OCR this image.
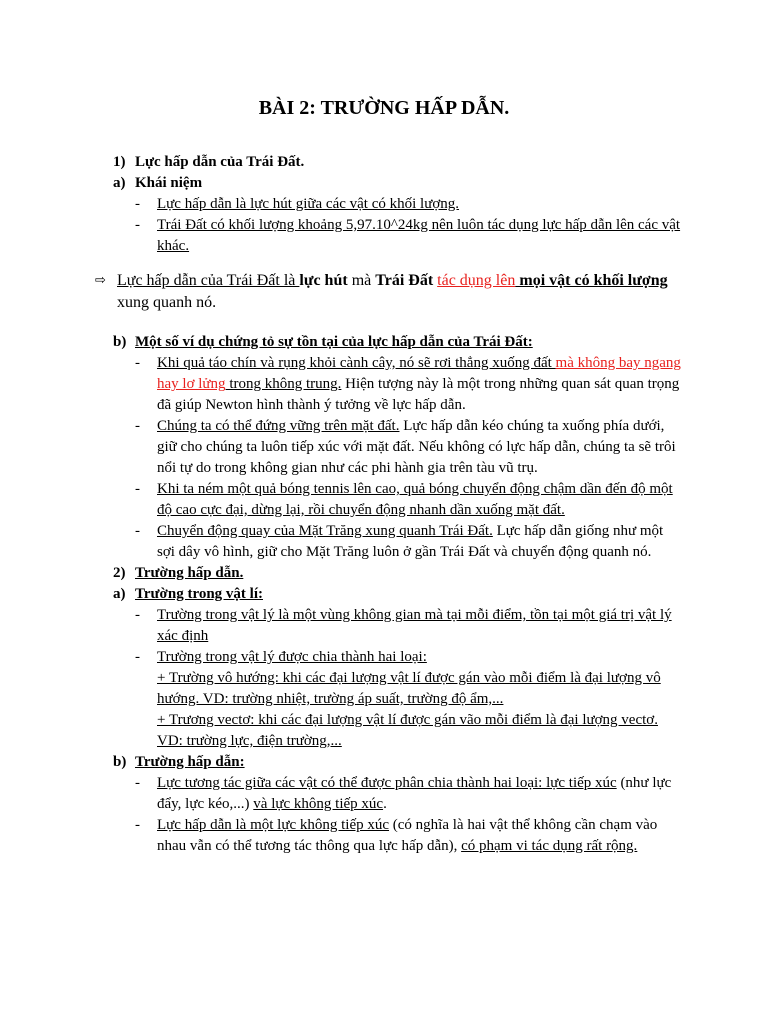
BÀI 2: TRƯỜNG HẤP DẪN.
1) Lực hấp dẫn của Trái Đất.
a) Khái niệm
-	Lực hấp dẫn là lực hút giữa các vật có khối lượng.
-	Trái Đất có khối lượng khoảng 5,97.10^24kg nên luôn tác dụng lực hấp dẫn lên các vật khác.
⇨ Lực hấp dẫn của Trái Đất là lực hút mà Trái Đất tác dụng lên mọi vật có khối lượng xung quanh nó.
b) Một số ví dụ chứng tỏ sự tồn tại của lực hấp dẫn của Trái Đất:
-	Khi quả táo chín và rụng khỏi cành cây, nó sẽ rơi thẳng xuống đất mà không bay ngang hay lơ lửng trong không trung. Hiện tượng này là một trong những quan sát quan trọng đã giúp Newton hình thành ý tưởng về lực hấp dẫn.
-	Chúng ta có thể đứng vững trên mặt đất. Lực hấp dẫn kéo chúng ta xuống phía dưới, giữ cho chúng ta luôn tiếp xúc với mặt đất. Nếu không có lực hấp dẫn, chúng ta sẽ trôi nổi tự do trong không gian như các phi hành gia trên tàu vũ trụ.
-	Khi ta ném một quả bóng tennis lên cao, quả bóng chuyển động chậm dần đến độ một độ cao cực đại, dừng lại, rồi chuyển động nhanh dần xuống mặt đất.
-	Chuyển động quay của Mặt Trăng xung quanh Trái Đất. Lực hấp dẫn giống như một sợi dây vô hình, giữ cho Mặt Trăng luôn ở gần Trái Đất và chuyển động quanh nó.
2) Trường hấp dẫn.
a) Trường trong vật lí:
-	Trường trong vật lý là một vùng không gian mà tại mỗi điểm, tồn tại một giá trị vật lý xác định
-	Trường trong vật lý được chia thành hai loại:
+ Trường vô hướng: khi các đại lượng vật lí được gán vào mỗi điểm là đại lượng vô hướng. VD: trường nhiệt, trường áp suất, trường độ ẩm,...
+ Trương vectơ: khi các đại lượng vật lí được gán vão mỗi điểm là đại lượng vectơ. VD: trường lực, điện trường,...
b) Trường hấp dẫn:
-	Lực tương tác giữa các vật có thể được phân chia thành hai loại: lực tiếp xúc (như lực đẩy, lực kéo,...) và lực không tiếp xúc.
-	Lực hấp dẫn là một lực không tiếp xúc (có nghĩa là hai vật thể không cần chạm vào nhau vẫn có thể tương tác thông qua lực hấp dẫn), có phạm vi tác dụng rất rộng.
